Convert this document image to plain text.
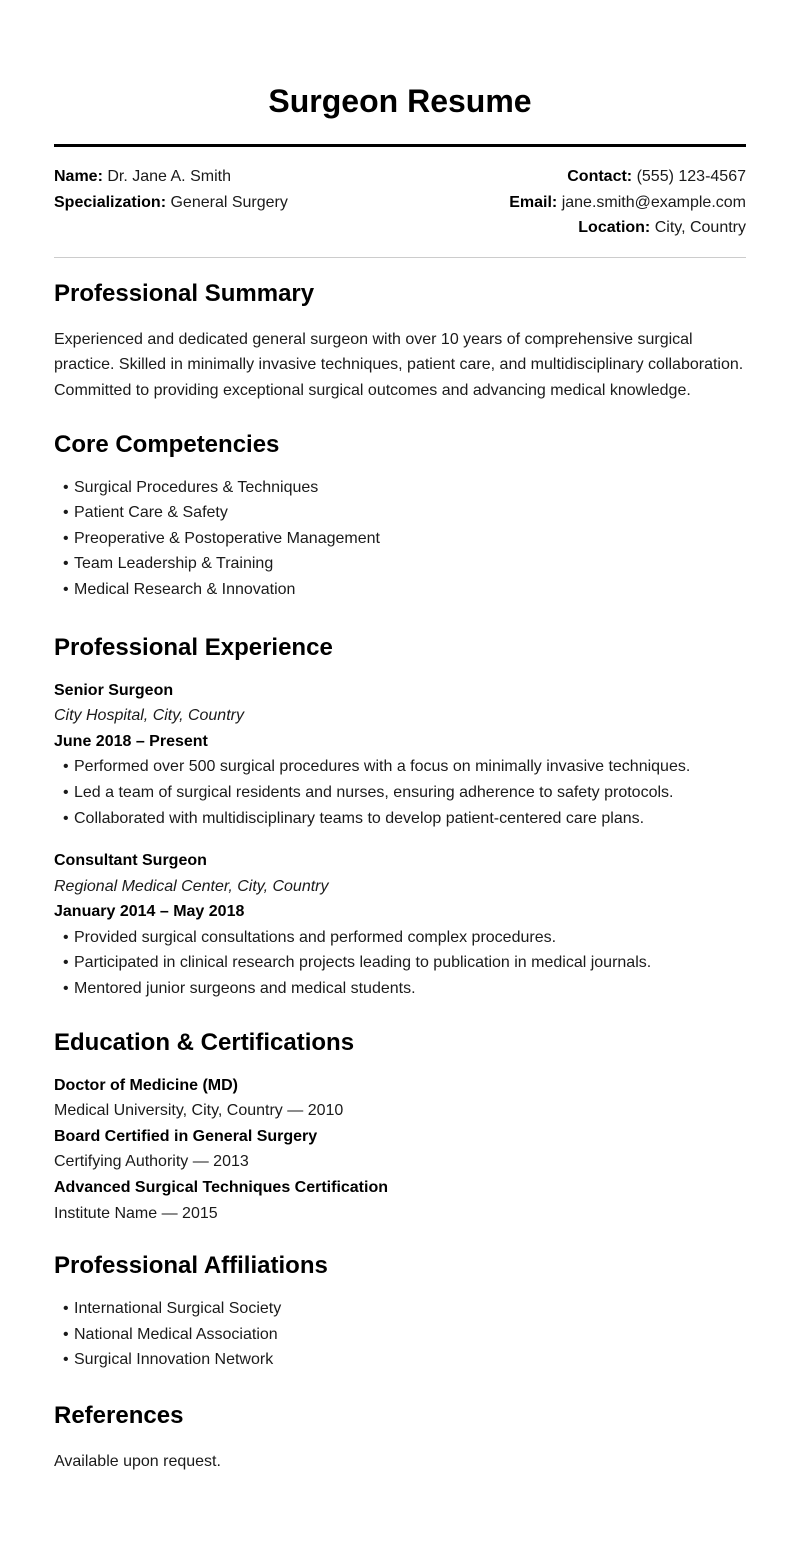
Surgeon Resume
Name: Dr. Jane A. Smith
Specialization: General Surgery
Contact: (555) 123-4567
Email: jane.smith@example.com
Location: City, Country
Professional Summary

Experienced and dedicated general surgeon with over 10 years of comprehensive surgical practice. Skilled in minimally invasive techniques, patient care, and multidisciplinary collaboration. Committed to providing exceptional surgical outcomes and advancing medical knowledge.

Core Competencies
• Surgical Procedures & Techniques
• Patient Care & Safety
• Preoperative & Postoperative Management
• Team Leadership & Training
• Medical Research & Innovation
Professional Experience
Senior Surgeon
City Hospital, City, Country
June 2018 – Present
• Performed over 500 surgical procedures with a focus on minimally invasive techniques.
• Led a team of surgical residents and nurses, ensuring adherence to safety protocols.
• Collaborated with multidisciplinary teams to develop patient-centered care plans.
Consultant Surgeon
Regional Medical Center, City, Country
January 2014 – May 2018
• Provided surgical consultations and performed complex procedures.
• Participated in clinical research projects leading to publication in medical journals.
• Mentored junior surgeons and medical students.
Education & Certifications
Doctor of Medicine (MD)
Medical University, City, Country — 2010
Board Certified in General Surgery
Certifying Authority — 2013
Advanced Surgical Techniques Certification
Institute Name — 2015
Professional Affiliations
• International Surgical Society
• National Medical Association
• Surgical Innovation Network
References

Available upon request.
